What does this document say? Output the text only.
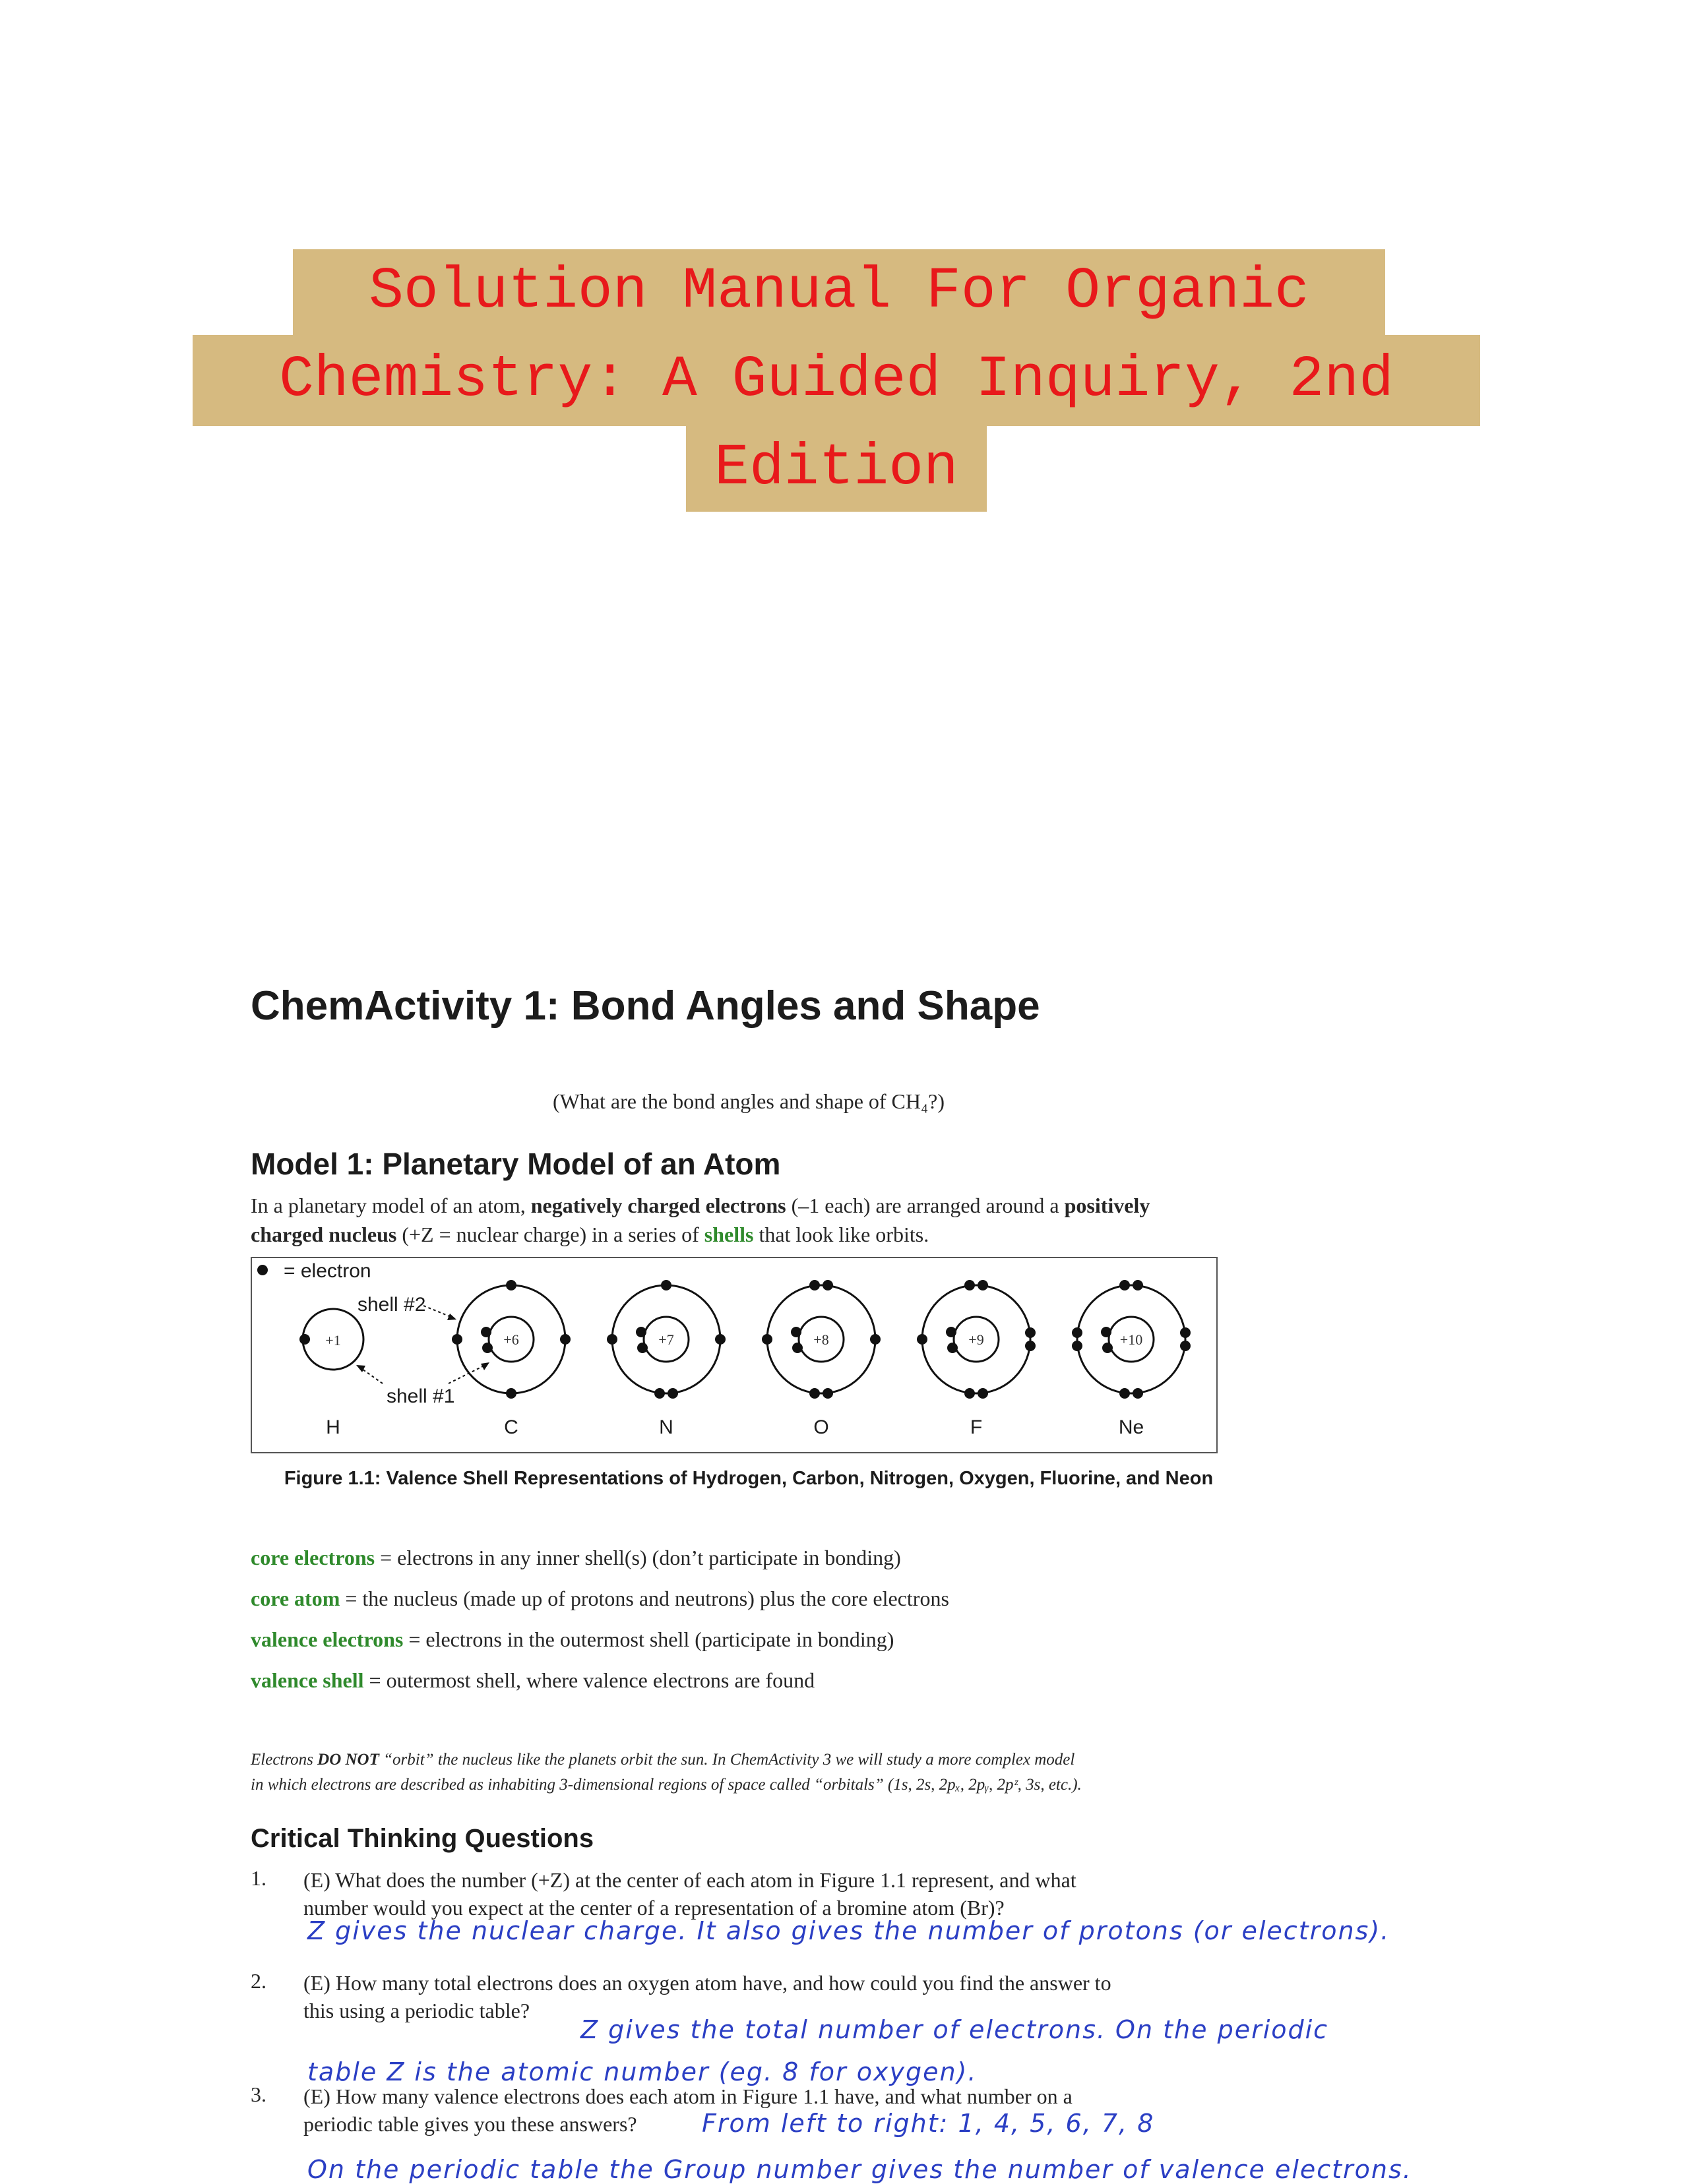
Solution Manual For Organic
Chemistry: A Guided Inquiry, 2nd
Edition
ChemActivity 1: Bond Angles and Shape
(What are the bond angles and shape of CH₄?)
Model 1: Planetary Model of an Atom
In a planetary model of an atom, negatively charged electrons (–1 each) are arranged around a positively charged nucleus (+Z = nuclear charge) in a series of shells that look like orbits.
= electron
+1
H
shell #2
shell #1
+6
C
+7
N
+8
O
+9
F
+10
Ne
Figure 1.1: Valence Shell Representations of Hydrogen, Carbon, Nitrogen, Oxygen, Fluorine, and Neon
core electrons = electrons in any inner shell(s) (don’t participate in bonding)
core atom = the nucleus (made up of protons and neutrons) plus the core electrons
valence electrons = electrons in the outermost shell (participate in bonding)
valence shell = outermost shell, where valence electrons are found
Electrons DO NOT “orbit” the nucleus like the planets orbit the sun. In ChemActivity 3 we will study a more complex model
in which electrons are described as inhabiting 3-dimensional regions of space called “orbitals” (1s, 2s, 2pₓ, 2pᵧ, 2pᶻ, 3s, etc.).
Critical Thinking Questions
1. (E) What does the number (+Z) at the center of each atom in Figure 1.1 represent, and what
number would you expect at the center of a representation of a bromine atom (Br)?
Z gives the nuclear charge. It also gives the number of protons (or electrons).
2. (E) How many total electrons does an oxygen atom have, and how could you find the answer to
this using a periodic table?
Z gives the total number of electrons. On the periodic
table Z is the atomic number (eg. 8 for oxygen).
3. (E) How many valence electrons does each atom in Figure 1.1 have, and what number on a
periodic table gives you these answers?	From left to right: 1, 4, 5, 6, 7, 8
On the periodic table the Group number gives the number of valence electrons.
